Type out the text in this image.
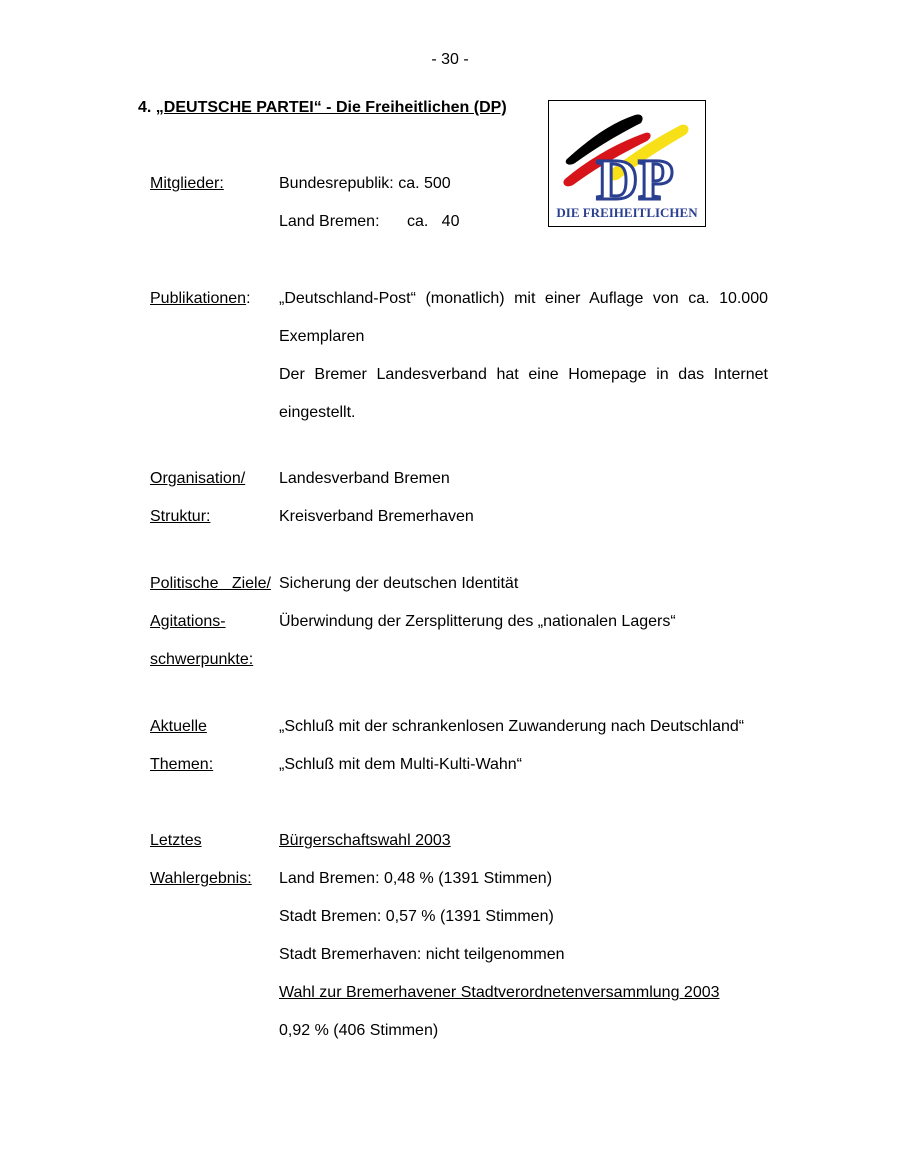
- 30 -
4. „DEUTSCHE PARTEI“ - Die Freiheitlichen (DP)
DP
DIE FREIHEITLICHEN
Mitglieder:	Bundesrepublik: ca. 500
Land Bremen: ca.   40
Publikationen: „Deutschland-Post“ (monatlich) mit einer Auflage von ca. 10.000
Exemplaren
Der Bremer Landesverband hat eine Homepage in das Internet
eingestellt.
Organisation/
Struktur:
Landesverband Bremen
Kreisverband Bremerhaven
Politische   Ziele/
Agitations-
schwerpunkte:
Sicherung der deutschen Identität
Überwindung der Zersplitterung des „nationalen Lagers“
Aktuelle
Themen:
„Schluß mit der schrankenlosen Zuwanderung nach Deutschland“
„Schluß mit dem Multi-Kulti-Wahn“
Letztes
Wahlergebnis:
Bürgerschaftswahl 2003
Land Bremen: 0,48 % (1391 Stimmen)
Stadt Bremen: 0,57 % (1391 Stimmen)
Stadt Bremerhaven: nicht teilgenommen
Wahl zur Bremerhavener Stadtverordnetenversammlung 2003
0,92 % (406 Stimmen)
